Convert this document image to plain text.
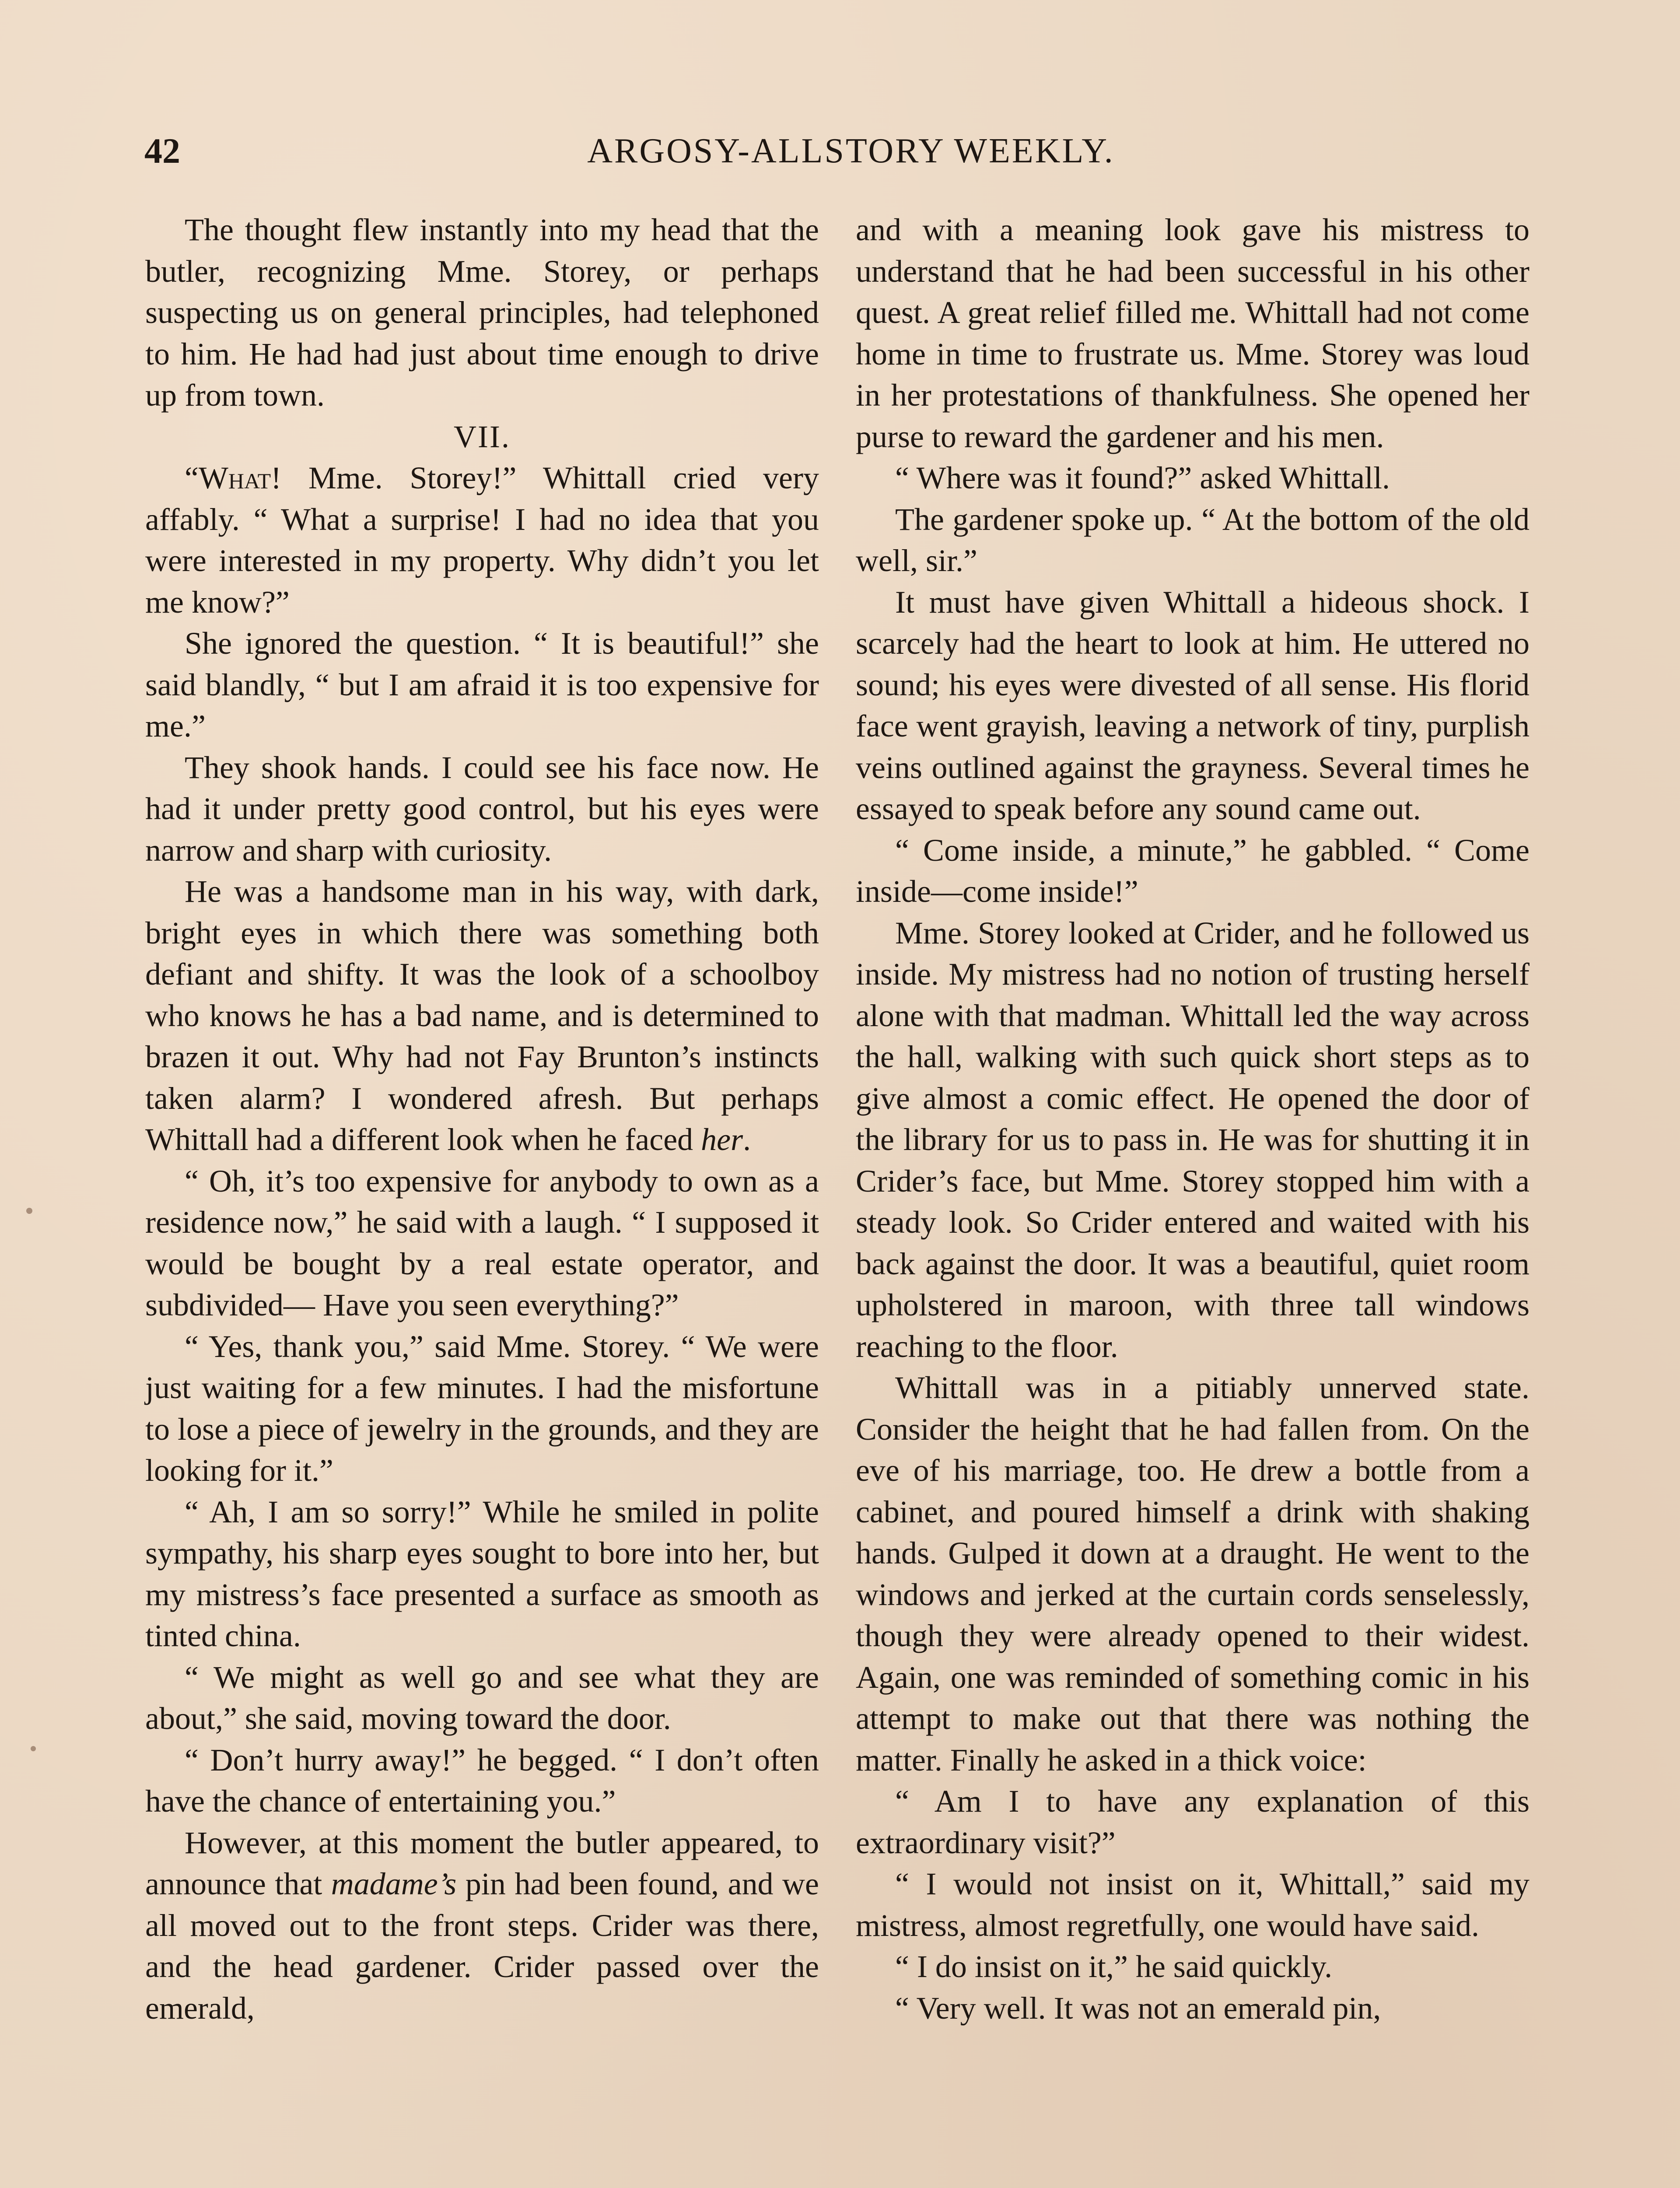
42	ARGOSY-ALLSTORY WEEKLY.

The thought flew instantly into my head that the butler, recognizing Mme. Storey, or perhaps suspecting us on general principles, had telephoned to him. He had had just about time enough to drive up from town.

VII.

“What! Mme. Storey!” Whittall cried very affably. “ What a surprise! I had no idea that you were interested in my property. Why didn’t you let me know?”

She ignored the question. “ It is beautiful!” she said blandly, “ but I am afraid it is too expensive for me.”

They shook hands. I could see his face now. He had it under pretty good control, but his eyes were narrow and sharp with curiosity.

He was a handsome man in his way, with dark, bright eyes in which there was something both defiant and shifty. It was the look of a schoolboy who knows he has a bad name, and is determined to brazen it out. Why had not Fay Brunton’s instincts taken alarm? I wondered afresh. But perhaps Whittall had a different look when he faced her.

“ Oh, it’s too expensive for anybody to own as a residence now,” he said with a laugh. “ I supposed it would be bought by a real estate operator, and subdivided— Have you seen everything?”

“ Yes, thank you,” said Mme. Storey. “ We were just waiting for a few minutes. I had the misfortune to lose a piece of jewelry in the grounds, and they are looking for it.”

“ Ah, I am so sorry!” While he smiled in polite sympathy, his sharp eyes sought to bore into her, but my mistress’s face presented a surface as smooth as tinted china.

“ We might as well go and see what they are about,” she said, moving toward the door.

“ Don’t hurry away!” he begged. “ I don’t often have the chance of entertaining you.”

However, at this moment the butler appeared, to announce that madame’s pin had been found, and we all moved out to the front steps. Crider was there, and the head gardener. Crider passed over the emerald,

and with a meaning look gave his mistress to understand that he had been successful in his other quest. A great relief filled me. Whittall had not come home in time to frustrate us. Mme. Storey was loud in her protestations of thankfulness. She opened her purse to reward the gardener and his men.

“ Where was it found?” asked Whittall.

The gardener spoke up. “ At the bottom of the old well, sir.”

It must have given Whittall a hideous shock. I scarcely had the heart to look at him. He uttered no sound; his eyes were divested of all sense. His florid face went grayish, leaving a network of tiny, purplish veins outlined against the grayness. Several times he essayed to speak before any sound came out.

“ Come inside, a minute,” he gabbled. “ Come inside—come inside!”

Mme. Storey looked at Crider, and he followed us inside. My mistress had no notion of trusting herself alone with that madman. Whittall led the way across the hall, walking with such quick short steps as to give almost a comic effect. He opened the door of the library for us to pass in. He was for shutting it in Crider’s face, but Mme. Storey stopped him with a steady look. So Crider entered and waited with his back against the door. It was a beautiful, quiet room upholstered in maroon, with three tall windows reaching to the floor.

Whittall was in a pitiably unnerved state. Consider the height that he had fallen from. On the eve of his marriage, too. He drew a bottle from a cabinet, and poured himself a drink with shaking hands. Gulped it down at a draught. He went to the windows and jerked at the curtain cords senselessly, though they were already opened to their widest. Again, one was reminded of something comic in his attempt to make out that there was nothing the matter. Finally he asked in a thick voice:

“ Am I to have any explanation of this extraordinary visit?”

“ I would not insist on it, Whittall,” said my mistress, almost regretfully, one would have said.

“ I do insist on it,” he said quickly.

“ Very well. It was not an emerald pin,
